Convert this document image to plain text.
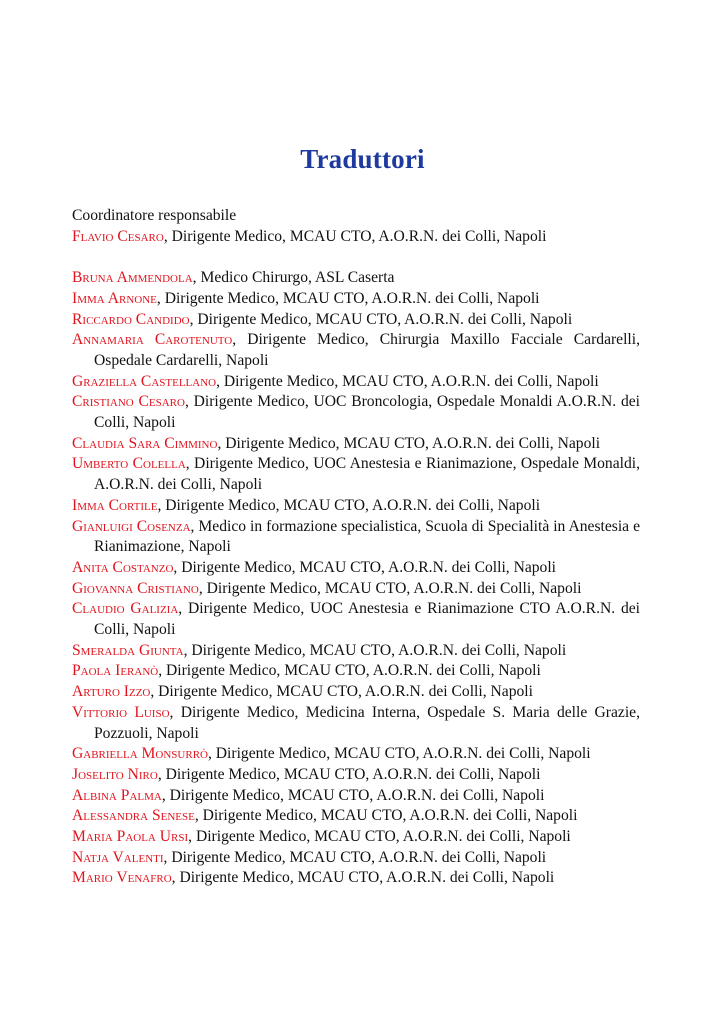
Traduttori

Coordinatore responsabile

Flavio Cesaro, Dirigente Medico, MCAU CTO, A.O.R.N. dei Colli, Napoli

Bruna Ammendola, Medico Chirurgo, ASL Caserta

Imma Arnone, Dirigente Medico, MCAU CTO, A.O.R.N. dei Colli, Napoli

Riccardo Candido, Dirigente Medico, MCAU CTO, A.O.R.N. dei Colli, Napoli

Annamaria Carotenuto, Dirigente Medico, Chirurgia Maxillo Facciale Cardarelli, Ospedale Cardarelli, Napoli

Graziella Castellano, Dirigente Medico, MCAU CTO, A.O.R.N. dei Colli, Napoli

Cristiano Cesaro, Dirigente Medico, UOC Broncologia, Ospedale Monaldi A.O.R.N. dei Colli, Napoli

Claudia Sara Cimmino, Dirigente Medico, MCAU CTO, A.O.R.N. dei Colli, Napoli

Umberto Colella, Dirigente Medico, UOC Anestesia e Rianimazione, Ospedale Monaldi, A.O.R.N. dei Colli, Napoli

Imma Cortile, Dirigente Medico, MCAU CTO, A.O.R.N. dei Colli, Napoli

Gianluigi Cosenza, Medico in formazione specialistica, Scuola di Specialità in Anestesia e Rianimazione, Napoli

Anita Costanzo, Dirigente Medico, MCAU CTO, A.O.R.N. dei Colli, Napoli

Giovanna Cristiano, Dirigente Medico, MCAU CTO, A.O.R.N. dei Colli, Napoli

Claudio Galizia, Dirigente Medico, UOC Anestesia e Rianimazione CTO A.O.R.N. dei Colli, Napoli

Smeralda Giunta, Dirigente Medico, MCAU CTO, A.O.R.N. dei Colli, Napoli

Paola Ieranò, Dirigente Medico, MCAU CTO, A.O.R.N. dei Colli, Napoli

Arturo Izzo, Dirigente Medico, MCAU CTO, A.O.R.N. dei Colli, Napoli

Vittorio Luiso, Dirigente Medico, Medicina Interna, Ospedale S. Maria delle Grazie, Pozzuoli, Napoli

Gabriella Monsurrò, Dirigente Medico, MCAU CTO, A.O.R.N. dei Colli, Napoli

Joselito Niro, Dirigente Medico, MCAU CTO, A.O.R.N. dei Colli, Napoli

Albina Palma, Dirigente Medico, MCAU CTO, A.O.R.N. dei Colli, Napoli

Alessandra Senese, Dirigente Medico, MCAU CTO, A.O.R.N. dei Colli, Napoli

Maria Paola Ursi, Dirigente Medico, MCAU CTO, A.O.R.N. dei Colli, Napoli

Natja Valenti, Dirigente Medico, MCAU CTO, A.O.R.N. dei Colli, Napoli

Mario Venafro, Dirigente Medico, MCAU CTO, A.O.R.N. dei Colli, Napoli
